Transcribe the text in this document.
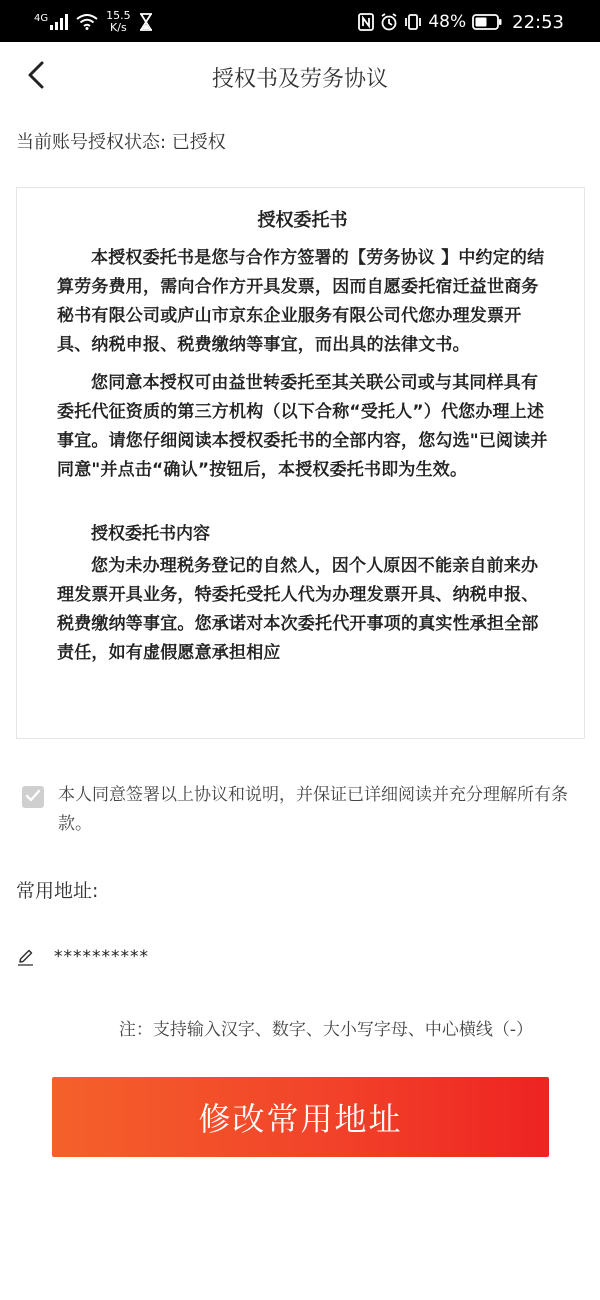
4G	15.5
K/s	48%	22:53
授权书及劳务协议
当前账号授权状态: 已授权
授权委托书

本授权委托书是您与合作方签署的【劳务协议 】中约定的结算劳务费用，需向合作方开具发票，因而自愿委托宿迁益世商务秘书有限公司或庐山市京东企业服务有限公司代您办理发票开具、纳税申报、税费缴纳等事宜，而出具的法律文书。

您同意本授权可由益世转委托至其关联公司或与其同样具有委托代征资质的第三方机构（以下合称“受托人”）代您办理上述事宜。请您仔细阅读本授权委托书的全部内容，您勾选"已阅读并同意"并点击“确认”按钮后，本授权委托书即为生效。

授权委托书内容

您为未办理税务登记的自然人，因个人原因不能亲自前来办理发票开具业务，特委托受托人代为办理发票开具、纳税申报、税费缴纳等事宜。您承诺对本次委托代开事项的真实性承担全部责任，如有虚假愿意承担相应

本人同意签署以上协议和说明，并保证已详细阅读并充分理解所有条款。
常用地址:
**********
注：支持输入汉字、数字、大小写字母、中心横线（-）
修改常用地址
